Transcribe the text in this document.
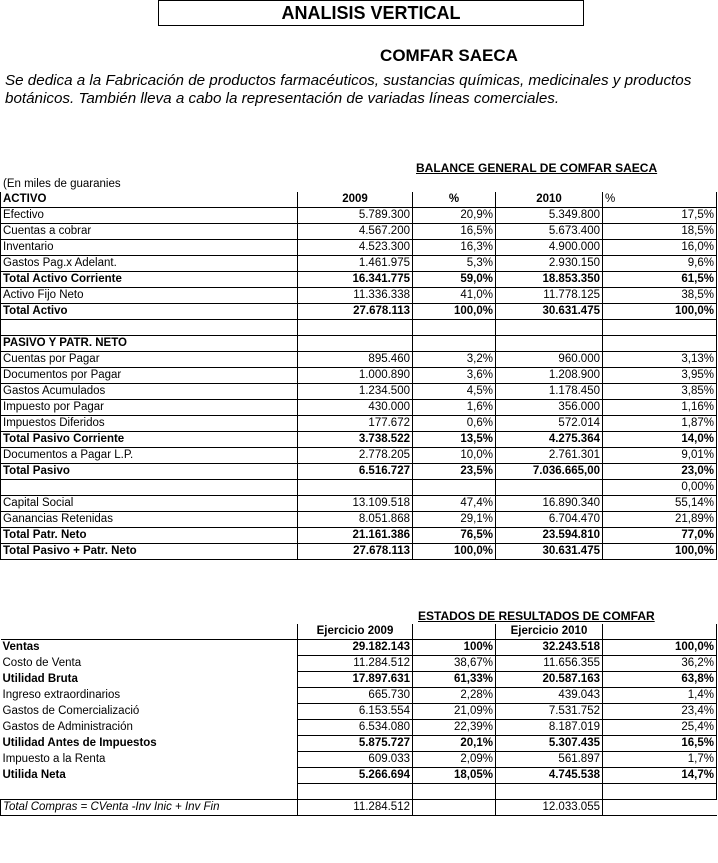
ANALISIS VERTICAL
COMFAR SAECA
Se dedica a la Fabricación de productos farmacéuticos, sustancias químicas, medicinales y productos botánicos. También lleva a cabo la representación de variadas líneas comerciales.
BALANCE GENERAL DE COMFAR SAECA
(En miles de guaranies
ACTIVO	2009	%	2010	%
Efectivo	5.789.300	20,9%	5.349.800	17,5%
Cuentas a cobrar	4.567.200	16,5%	5.673.400	18,5%
Inventario	4.523.300	16,3%	4.900.000	16,0%
Gastos Pag.x Adelant.	1.461.975	5,3%	2.930.150	9,6%
Total Activo Corriente	16.341.775	59,0%	18.853.350	61,5%
Activo Fijo Neto	11.336.338	41,0%	11.778.125	38,5%
Total Activo	27.678.113	100,0%	30.631.475	100,0%

PASIVO Y PATR. NETO				
Cuentas por Pagar	895.460	3,2%	960.000	3,13%
Documentos por Pagar	1.000.890	3,6%	1.208.900	3,95%
Gastos Acumulados	1.234.500	4,5%	1.178.450	3,85%
Impuesto por Pagar	430.000	1,6%	356.000	1,16%
Impuestos Diferidos	177.672	0,6%	572.014	1,87%
Total Pasivo Corriente	3.738.522	13,5%	4.275.364	14,0%
Documentos a Pagar L.P.	2.778.205	10,0%	2.761.301	9,01%
Total Pasivo	6.516.727	23,5%	7.036.665,00	23,0%
				0,00%
Capital Social	13.109.518	47,4%	16.890.340	55,14%
Ganancias Retenidas	8.051.868	29,1%	6.704.470	21,89%
Total Patr. Neto	21.161.386	76,5%	23.594.810	77,0%
Total Pasivo + Patr. Neto	27.678.113	100,0%	30.631.475	100,0%
ESTADOS DE RESULTADOS DE COMFAR
	Ejercicio 2009		Ejercicio 2010	
Ventas	29.182.143	100%	32.243.518	100,0%
Costo de Venta	11.284.512	38,67%	11.656.355	36,2%
Utilidad Bruta	17.897.631	61,33%	20.587.163	63,8%
Ingreso extraordinarios	665.730	2,28%	439.043	1,4%
Gastos de Comercializació	6.153.554	21,09%	7.531.752	23,4%
Gastos de Administración	6.534.080	22,39%	8.187.019	25,4%
Utilidad Antes de Impuestos	5.875.727	20,1%	5.307.435	16,5%
Impuesto a la Renta	609.033	2,09%	561.897	1,7%
Utilida Neta	5.266.694	18,05%	4.745.538	14,7%

Total Compras = CVenta -Inv Inic + Inv Fin	11.284.512		12.033.055	
